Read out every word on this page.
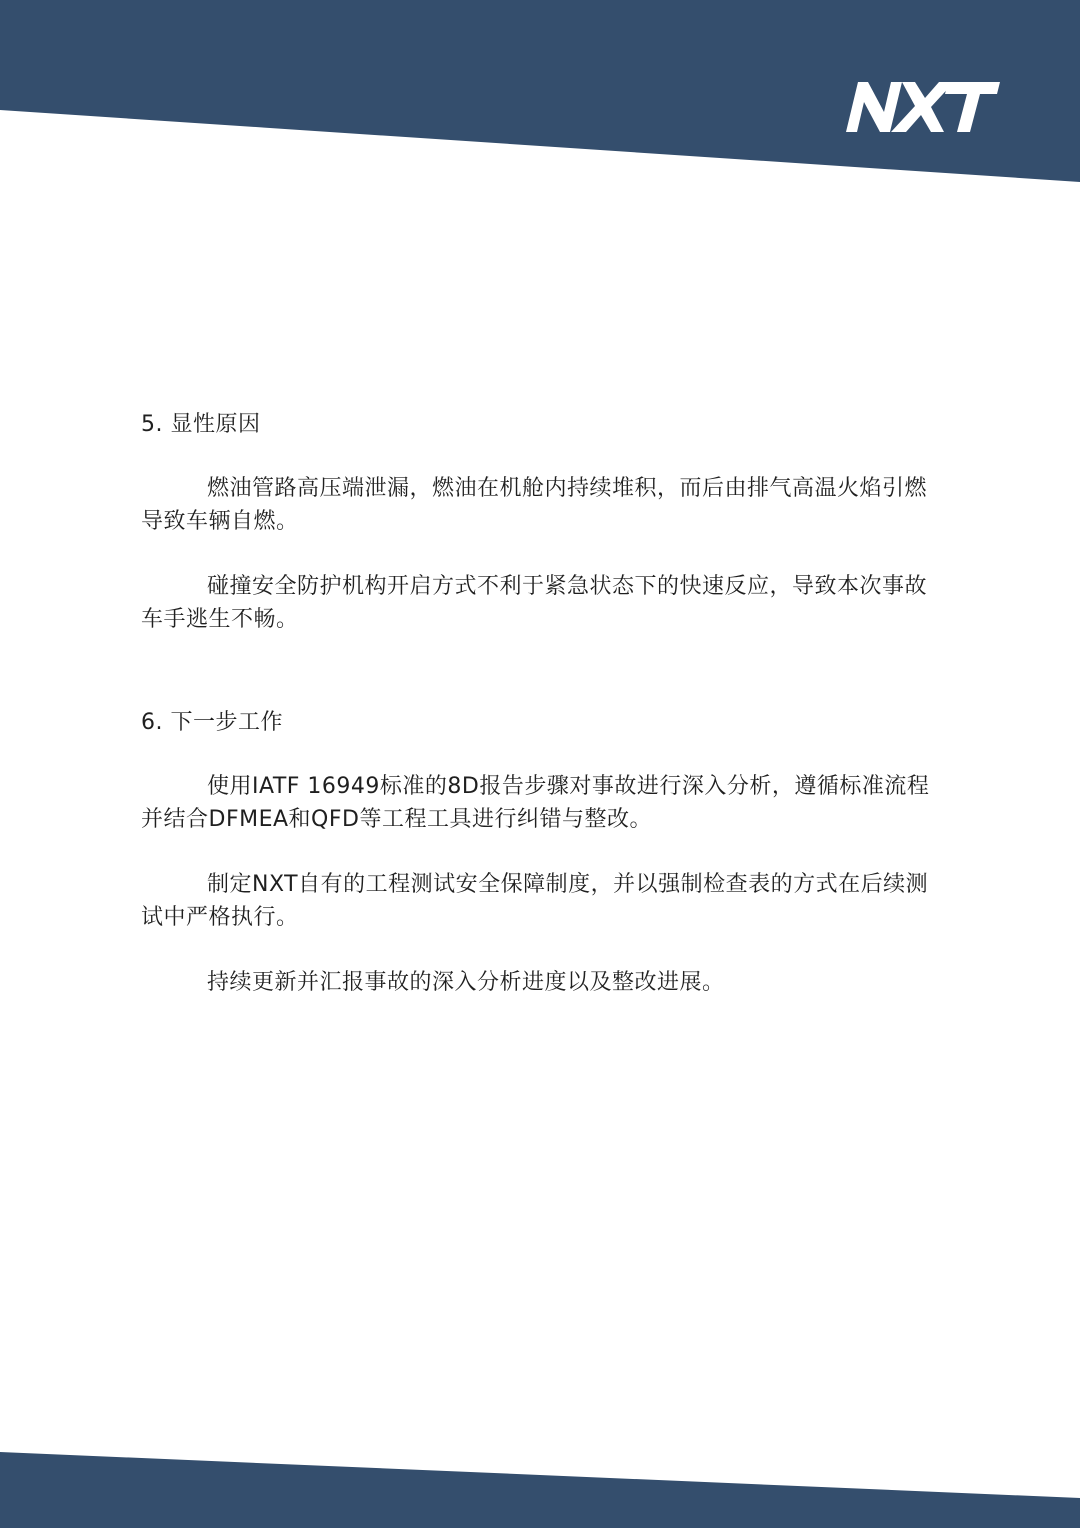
5. 显性原因

燃油管路高压端泄漏，燃油在机舱内持续堆积，而后由排气高温火焰引燃导致车辆自燃。

碰撞安全防护机构开启方式不利于紧急状态下的快速反应，导致本次事故车手逃生不畅。

6. 下一步工作

使用IATF 16949标准的8D报告步骤对事故进行深入分析，遵循标准流程并结合DFMEA和QFD等工程工具进行纠错与整改。

制定NXT自有的工程测试安全保障制度，并以强制检查表的方式在后续测试中严格执行。

持续更新并汇报事故的深入分析进度以及整改进展。
